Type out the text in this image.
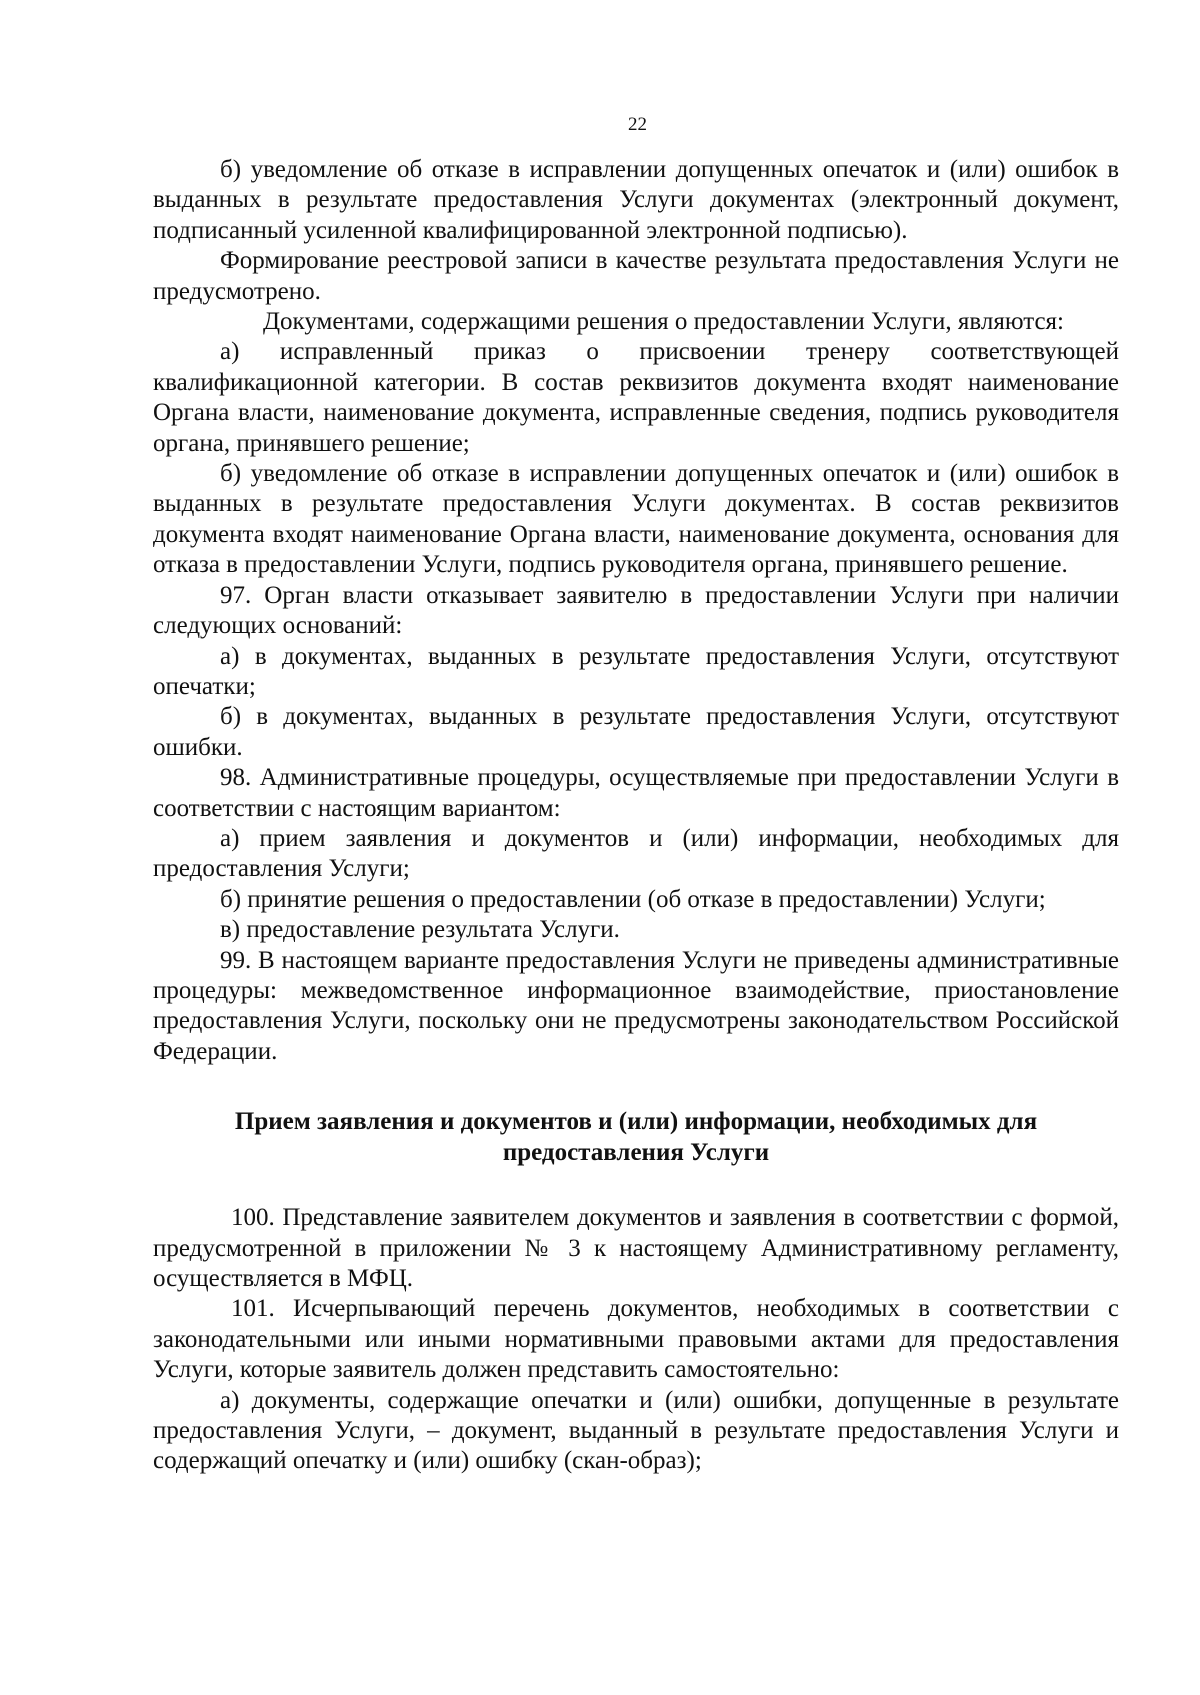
22

б) уведомление об отказе в исправлении допущенных опечаток и (или) ошибок в выданных в результате предоставления Услуги документах (электронный документ, подписанный усиленной квалифицированной электронной подписью).

Формирование реестровой записи в качестве результата предоставления Услуги не предусмотрено.

Документами, содержащими решения о предоставлении Услуги, являются:

а) исправленный приказ о присвоении тренеру соответствующей квалификационной категории. В состав реквизитов документа входят наименование Органа власти, наименование документа, исправленные сведения, подпись руководителя органа, принявшего решение;

б) уведомление об отказе в исправлении допущенных опечаток и (или) ошибок в выданных в результате предоставления Услуги документах. В состав реквизитов документа входят наименование Органа власти, наименование документа, основания для отказа в предоставлении Услуги, подпись руководителя органа, принявшего решение.

97. Орган власти отказывает заявителю в предоставлении Услуги при наличии следующих оснований:

а) в документах, выданных в результате предоставления Услуги, отсутствуют опечатки;

б) в документах, выданных в результате предоставления Услуги, отсутствуют ошибки.

98. Административные процедуры, осуществляемые при предоставлении Услуги в соответствии с настоящим вариантом:

а) прием заявления и документов и (или) информации, необходимых для предоставления Услуги;

б) принятие решения о предоставлении (об отказе в предоставлении) Услуги;

в) предоставление результата Услуги.

99. В настоящем варианте предоставления Услуги не приведены административные процедуры: межведомственное информационное взаимодействие, приостановление предоставления Услуги, поскольку они не предусмотрены законодательством Российской Федерации.

Прием заявления и документов и (или) информации, необходимых для
предоставления Услуги

100. Представление заявителем документов и заявления в соответствии с формой, предусмотренной в приложении № 3 к настоящему Административному регламенту, осуществляется в МФЦ.

101. Исчерпывающий перечень документов, необходимых в соответствии с законодательными или иными нормативными правовыми актами для предоставления Услуги, которые заявитель должен представить самостоятельно:

а) документы, содержащие опечатки и (или) ошибки, допущенные в результате предоставления Услуги, – документ, выданный в результате предоставления Услуги и содержащий опечатку и (или) ошибку (скан-образ);
